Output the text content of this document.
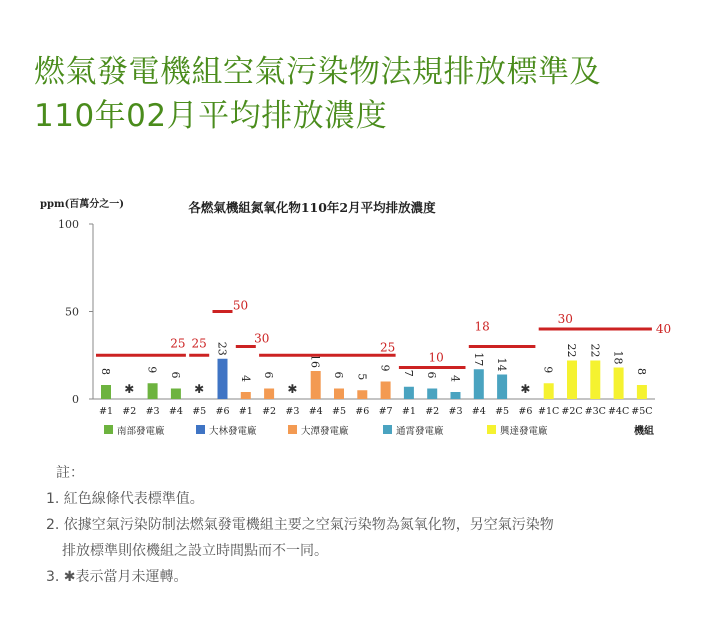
燃氣發電機組空氣污染物法規排放標準及
110年02月平均排放濃度
ppm(百萬分之一)	各燃氣機組氮氧化物110年2月平均排放濃度
0
50
100
#1
8
#2
✱
#3
9
#4
6
#5
✱
#6
23
#1
4
#2
6
#3
✱
#4
16
#5
6
#6
5
#7
9
#1
7
#2
6
#3
4
#4
17
#5
14
#6
✱
#1C
9
#2C
22
#3C
22
#4C
18
#5C
8
25 25
50
30
25
10
18
30
40
南部發電廠	大林發電廠	大潭發電廠	通霄發電廠	興達發電廠	機組
註：
1. 紅色線條代表標準值。
2. 依據空氣污染防制法燃氣發電機組主要之空氣污染物為氮氧化物，另空氣污染物
排放標準則依機組之設立時間點而不一同。
3. ✱表示當月未運轉。
